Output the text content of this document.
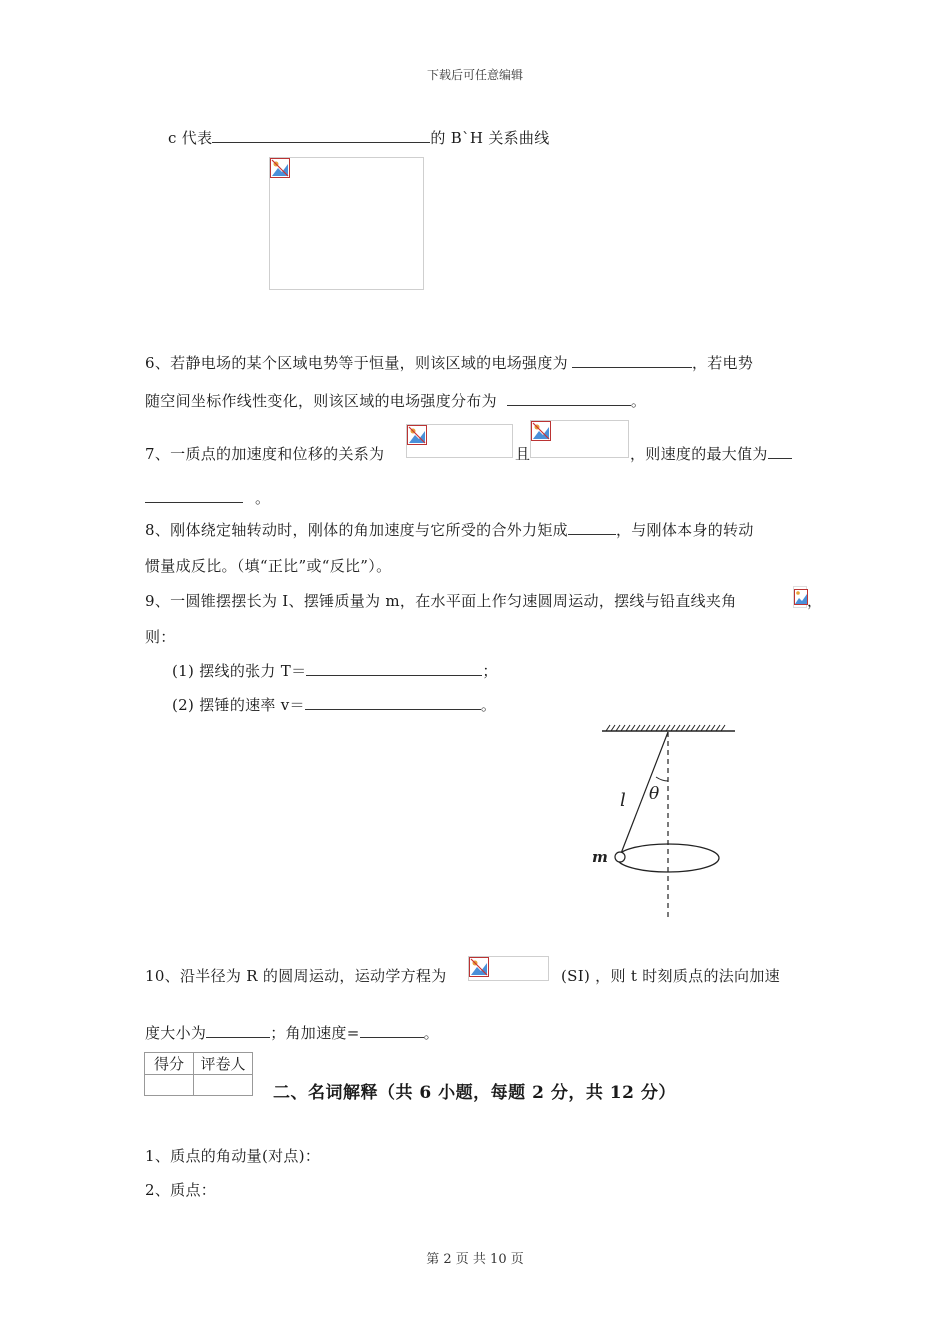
下载后可任意编辑
c 代表	的 B`H 关系曲线
6、若静电场的某个区域电势等于恒量，则该区域的电场强度为	，若电势
随空间坐标作线性变化，则该区域的电场强度分布为	。
7、一质点的加速度和位移的关系为	且	，则速度的最大值为
。
8、刚体绕定轴转动时，刚体的角加速度与它所受的合外力矩成	，与刚体本身的转动
惯量成反比。（填“正比”或“反比”）。
9、一圆锥摆摆长为 I、摆锤质量为 m，在水平面上作匀速圆周运动，摆线与铅直线夹角	，
则：
(1) 摆线的张力 T＝	；
(2) 摆锤的速率 v＝	。
l θ
m
10、沿半径为 R 的圆周运动，运动学方程为	(SI) ，则 t 时刻质点的法向加速
度大小为	；角加速度=	。
得分	评卷人

二、名词解释（共 6 小题，每题 2 分，共 12 分）
1、质点的角动量(对点)：
2、质点：
第 2 页 共 10 页
